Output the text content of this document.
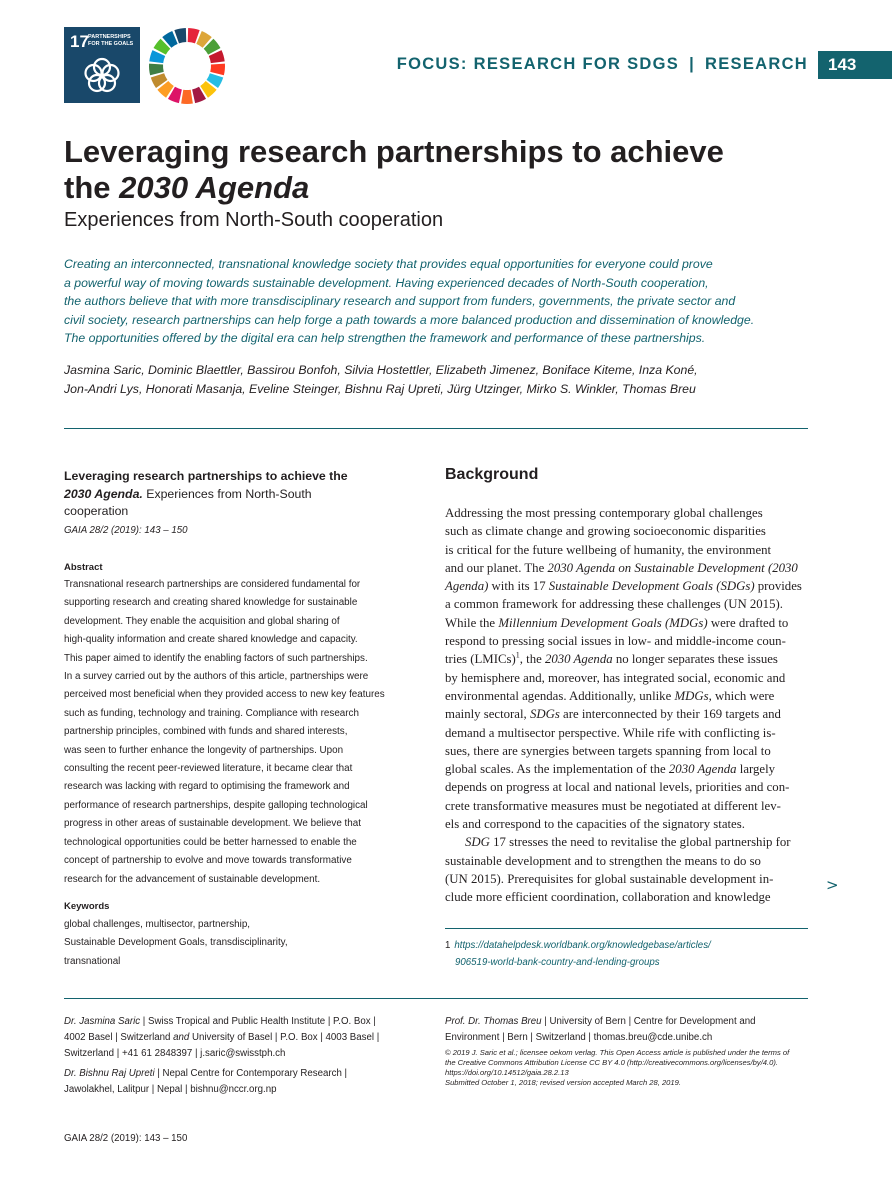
17 PARTNERSHIPS
FOR THE GOALS
FOCUS: RESEARCH FOR SDGS | RESEARCH	143
Leveraging research partnerships to achieve
the 2030 Agenda
Experiences from North-South cooperation
Creating an interconnected, transnational knowledge society that provides equal opportunities for everyone could prove
a powerful way of moving towards sustainable development. Having experienced decades of North-South cooperation,
the authors believe that with more transdisciplinary research and support from funders, governments, the private sector and
civil society, research partnerships can help forge a path towards a more balanced production and dissemination of knowledge.
The opportunities offered by the digital era can help strengthen the framework and performance of these partnerships.
Jasmina Saric, Dominic Blaettler, Bassirou Bonfoh, Silvia Hostettler, Elizabeth Jimenez, Boniface Kiteme, Inza Koné,
Jon-Andri Lys, Honorati Masanja, Eveline Steinger, Bishnu Raj Upreti, Jürg Utzinger, Mirko S. Winkler, Thomas Breu
Leveraging research partnerships to achieve the
2030 Agenda. Experiences from North-South
cooperation
GAIA 28/2 (2019): 143 – 150
Abstract
Transnational research partnerships are considered fundamental for
supporting research and creating shared knowledge for sustainable
development. They enable the acquisition and global sharing of
high-quality information and create shared knowledge and capacity.
This paper aimed to identify the enabling factors of such partnerships.
In a survey carried out by the authors of this article, partnerships were
perceived most beneficial when they provided access to new key features
such as funding, technology and training. Compliance with research
partnership principles, combined with funds and shared interests,
was seen to further enhance the longevity of partnerships. Upon
consulting the recent peer-reviewed literature, it became clear that
research was lacking with regard to optimising the framework and
performance of research partnerships, despite galloping technological
progress in other areas of sustainable development. We believe that
technological opportunities could be better harnessed to enable the
concept of partnership to evolve and move towards transformative
research for the advancement of sustainable development.
Keywords
global challenges, multisector, partnership,
Sustainable Development Goals, transdisciplinarity,
transnational
Background
Addressing the most pressing contemporary global challenges
such as climate change and growing socioeconomic disparities
is critical for the future wellbeing of humanity, the environment
and our planet. The 2030 Agenda on Sustainable Development (2030
Agenda) with its 17 Sustainable Development Goals (SDGs) provides
a common framework for addressing these challenges (UN 2015).
While the Millennium Development Goals (MDGs) were drafted to
respond to pressing social issues in low- and middle-income coun-
tries (LMICs)$^1$, the 2030 Agenda no longer separates these issues
by hemisphere and, moreover, has integrated social, economic and
environmental agendas. Additionally, unlike MDGs, which were
mainly sectoral, SDGs are interconnected by their 169 targets and
demand a multisector perspective. While rife with conflicting is-
sues, there are synergies between targets spanning from local to
global scales. As the implementation of the 2030 Agenda largely
depends on progress at local and national levels, priorities and con-
crete transformative measures must be negotiated at different lev-
els and correspond to the capacities of the signatory states.
SDG 17 stresses the need to revitalise the global partnership for
sustainable development and to strengthen the means to do so
(UN 2015). Prerequisites for global sustainable development in-
clude more efficient coordination, collaboration and knowledge
>
1 https://datahelpdesk.worldbank.org/knowledgebase/articles/
906519-world-bank-country-and-lending-groups
Dr. Jasmina Saric | Swiss Tropical and Public Health Institute | P.O. Box |
4002 Basel | Switzerland and University of Basel | P.O. Box | 4003 Basel |
Switzerland | +41 61 2848397 | j.saric@swisstph.ch
Dr. Bishnu Raj Upreti | Nepal Centre for Contemporary Research |
Jawolakhel, Lalitpur | Nepal | bishnu@nccr.org.np
Prof. Dr. Thomas Breu | University of Bern | Centre for Development and
Environment | Bern | Switzerland | thomas.breu@cde.unibe.ch
© 2019 J. Saric et al.; licensee oekom verlag. This Open Access article is published under the terms of
the Creative Commons Attribution License CC BY 4.0 (http://creativecommons.org/licenses/by/4.0).
https://doi.org/10.14512/gaia.28.2.13
Submitted October 1, 2018; revised version accepted March 28, 2019.
GAIA 28/2 (2019): 143 – 150
